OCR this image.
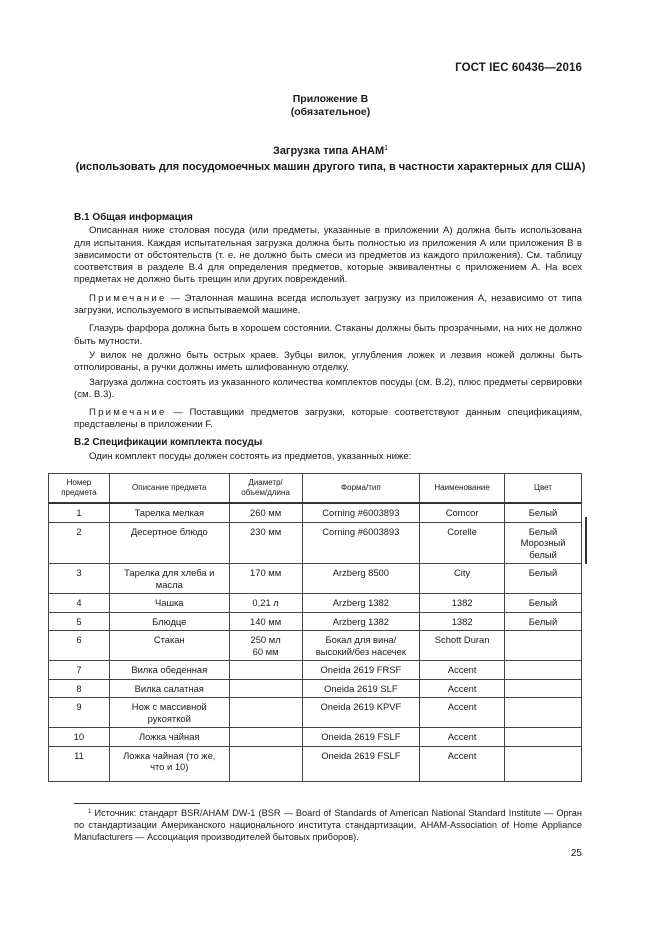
ГОСТ IEC 60436—2016
Приложение В
(обязательное)
Загрузка типа АНАМ$^1$
(использовать для посудомоечных машин другого типа, в частности характерных для США)

В.1 Общая информация

Описанная ниже столовая посуда (или предметы, указанные в приложении А) должна быть использована для испытания. Каждая испытательная загрузка должна быть полностью из приложения А или приложения В в зависимости от обстоятельств (т. е. не должно быть смеси из предметов из каждого приложения). См. таблицу соответствия в разделе В.4 для определения предметов, которые эквивалентны с приложением А. На всех предметах не должно быть трещин или других повреждений.

Примечание — Эталонная машина всегда использует загрузку из приложения А, независимо от типа загрузки, используемого в испытываемой машине.

Глазурь фарфора должна быть в хорошем состоянии. Стаканы должны быть прозрачными, на них не должно быть мутности.

У вилок не должно быть острых краев. Зубцы вилок, углубления ложек и лезвия ножей должны быть отполированы, а ручки должны иметь шлифованную отделку.

Загрузка должна состоять из указанного количества комплектов посуды (см. В.2), плюс предметы сервировки (см. В.3).

Примечание — Поставщики предметов загрузки, которые соответствуют данным спецификациям, представлены в приложении F.

В.2 Спецификации комплекта посуды

Один комплект посуды должен состоять из предметов, указанных ниже:

Номер
предмета	Описание предмета	Диаметр/
объем/длина	Форма/тип	Наименование	Цвет
1	Тарелка мелкая	260 мм	Corning #6003893	Comcor	Белый
2	Десертное блюдо	230 мм	Corning #6003893	Corelle	Белый Морозный белый
3	Тарелка для хлеба и масла	170 мм	Arzberg 8500	City	Белый
4	Чашка	0,21 л	Arzberg 1382	1382	Белый
5	Блюдце	140 мм	Arzberg 1382	1382	Белый
6	Стакан	250 мл 60 мм	Бокал для вина/высокий/без насечек	Schott Duran	
7	Вилка обеденная		Oneida 2619 FRSF	Accent	
8	Вилка салатная		Oneida 2619 SLF	Accent	
9	Нож с массивной рукояткой		Oneida 2619 KPVF	Accent	
10	Ложка чайная		Oneida 2619 FSLF	Accent	
11	Ложка чайная (то же, что и 10)		Oneida 2619 FSLF	Accent	
$^1$ Источник: стандарт BSR/AHAM DW-1 (BSR — Board of Standards of American National Standard Institute — Орган по стандартизации Американского национального института стандартизации, AHAM-Association of Home Appliance Manufacturers — Ассоциация производителей бытовых приборов).
25
